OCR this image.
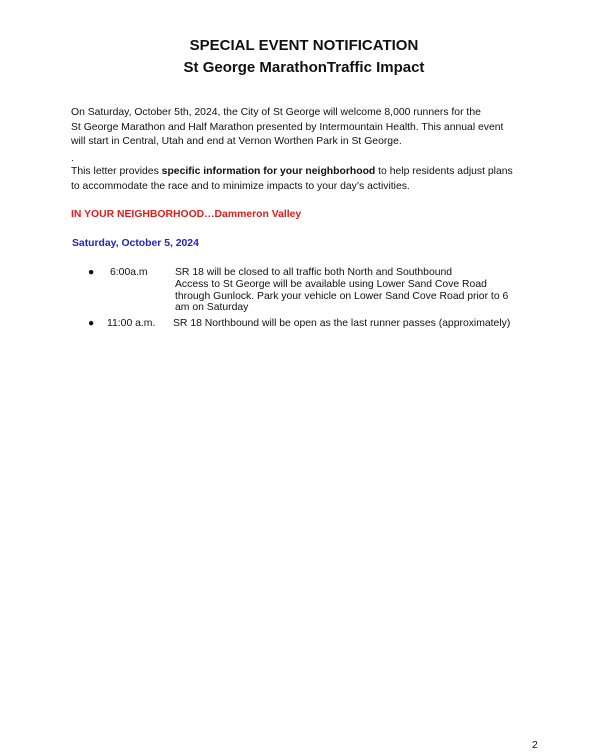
SPECIAL EVENT NOTIFICATION
St George MarathonTraffic Impact
On Saturday, October 5th, 2024, the City of St George will welcome 8,000 runners for the
St George Marathon and Half Marathon presented by Intermountain Health. This annual event
will start in Central, Utah and end at Vernon Worthen Park in St George.
.
This letter provides specific information for your neighborhood to help residents adjust plans
to accommodate the race and to minimize impacts to your day’s activities.
IN YOUR NEIGHBORHOOD…Dammeron Valley
Saturday, October 5, 2024
● 6:00a.m	SR 18 will be closed to all traffic both North and Southbound
Access to St George will be available using Lower Sand Cove Road
through Gunlock. Park your vehicle on Lower Sand Cove Road prior to 6
am on Saturday
● 11:00 a.m. SR 18 Northbound will be open as the last runner passes (approximately)
2
